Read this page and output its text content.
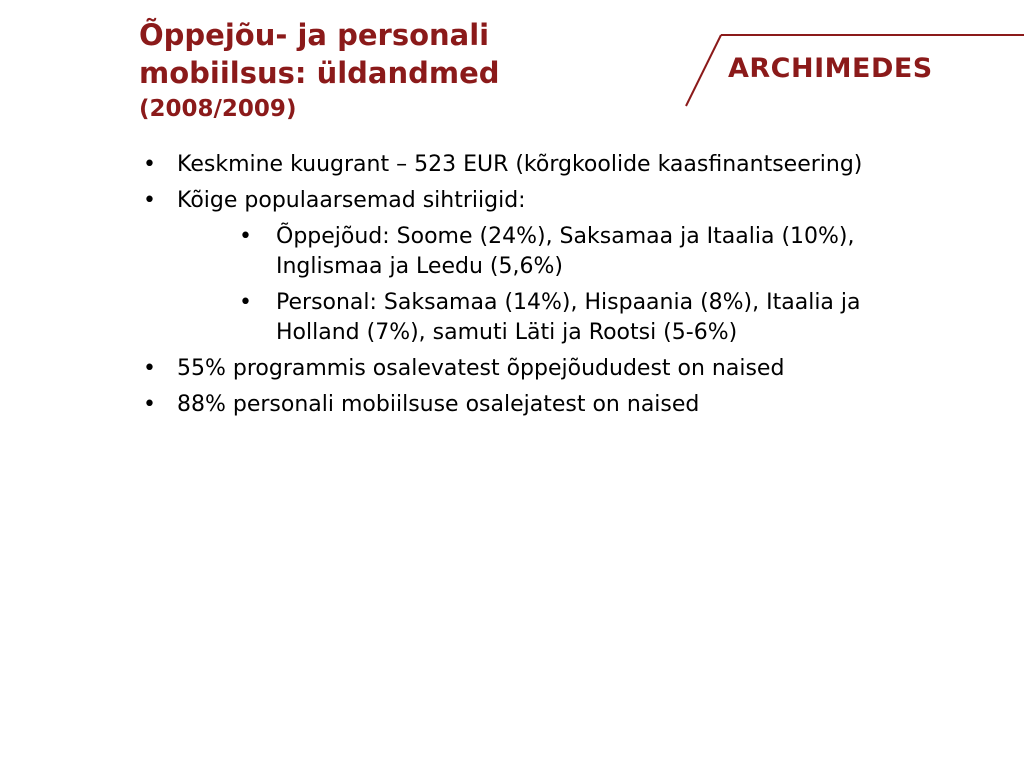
Õppejõu- ja personali
mobiilsus: üldandmed
(2008/2009)
ARCHIMEDES
• Keskmine kuugrant – 523 EUR (kõrgkoolide kaasfinantseering)
• Kõige populaarsemad sihtriigid:
• Õppejõud: Soome (24%), Saksamaa ja Itaalia (10%), Inglismaa ja Leedu (5,6%)
• Personal: Saksamaa (14%), Hispaania (8%), Itaalia ja Holland (7%), samuti Läti ja Rootsi (5-6%)
• 55% programmis osalevatest õppejõududest on naised
• 88% personali mobiilsuse osalejatest on naised
